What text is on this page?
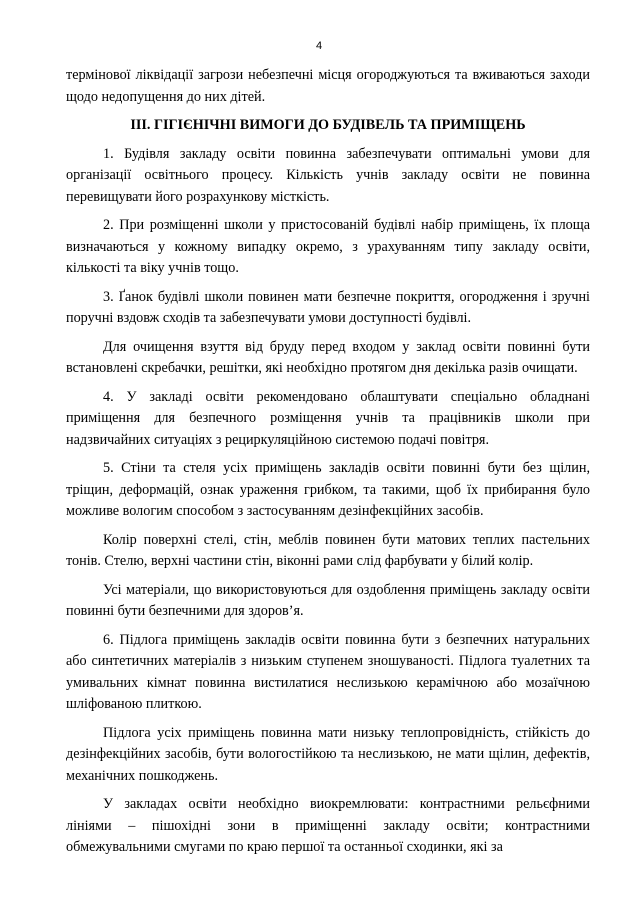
4

термінової ліквідації загрози небезпечні місця огороджуються та вживаються заходи щодо недопущення до них дітей.

III. ГІГІЄНІЧНІ ВИМОГИ ДО БУДІВЕЛЬ ТА ПРИМІЩЕНЬ

1. Будівля закладу освіти повинна забезпечувати оптимальні умови для організації освітнього процесу. Кількість учнів закладу освіти не повинна перевищувати його розрахункову місткість.

2. При розміщенні школи у пристосованій будівлі набір приміщень, їх площа визначаються у кожному випадку окремо, з урахуванням типу закладу освіти, кількості та віку учнів тощо.

3. Ґанок будівлі школи повинен мати безпечне покриття, огородження і зручні поручні вздовж сходів та забезпечувати умови доступності будівлі.

Для очищення взуття від бруду перед входом у заклад освіти повинні бути встановлені скребачки, решітки, які необхідно протягом дня декілька разів очищати.

4. У закладі освіти рекомендовано облаштувати спеціально обладнані приміщення для безпечного розміщення учнів та працівників школи при надзвичайних ситуаціях з рециркуляційною системою подачі повітря.

5. Стіни та стеля усіх приміщень закладів освіти повинні бути без щілин, тріщин, деформацій, ознак ураження грибком, та такими, щоб їх прибирання було можливе вологим способом з застосуванням дезінфекційних засобів.

Колір поверхні стелі, стін, меблів повинен бути матових теплих пастельних тонів. Стелю, верхні частини стін, віконні рами слід фарбувати у білий колір.

Усі матеріали, що використовуються для оздоблення приміщень закладу освіти повинні бути безпечними для здоров’я.

6. Підлога приміщень закладів освіти повинна бути з безпечних натуральних або синтетичних матеріалів з низьким ступенем зношуваності. Підлога туалетних та умивальних кімнат повинна вистилатися неслизькою керамічною або мозаїчною шліфованою плиткою.

Підлога усіх приміщень повинна мати низьку теплопровідність, стійкість до дезінфекційних засобів, бути вологостійкою та неслизькою, не мати щілин, дефектів, механічних пошкоджень.

У закладах освіти необхідно виокремлювати: контрастними рельєфними лініями – пішохідні зони в приміщенні закладу освіти; контрастними обмежувальними смугами по краю першої та останньої сходинки, які за
